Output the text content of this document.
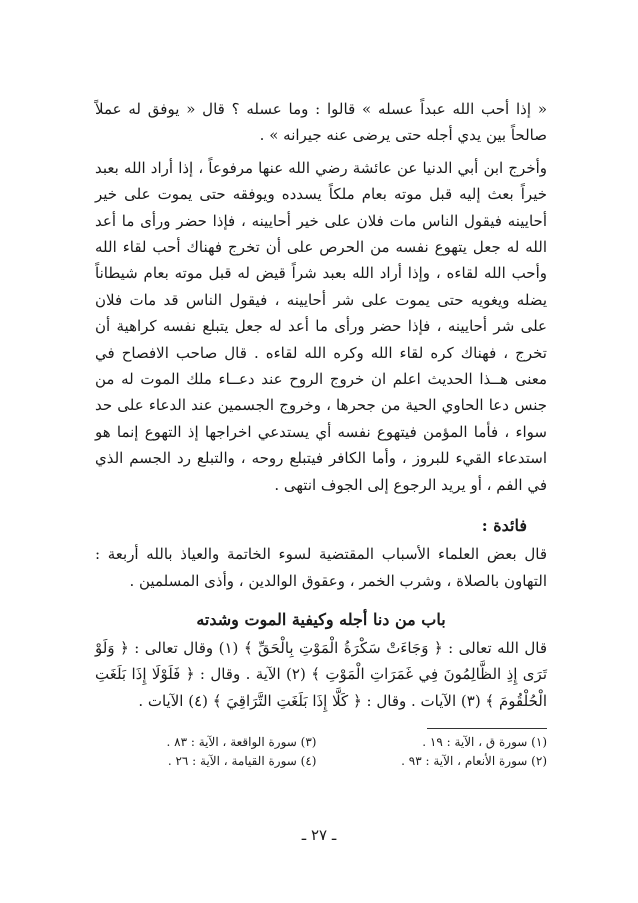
« إذا أحب الله عبداً عسله » قالوا : وما عسله ؟ قال « يوفق له عملاً صالحاً بين يدي أجله حتى يرضى عنه جيرانه » .

وأخرج ابن أبي الدنيا عن عائشة رضي الله عنها مرفوعاً ، إذا أراد الله بعبد خيراً بعث إليه قبل موته بعام ملكاً يسدده ويوفقه حتى يموت على خير أحايينه فيقول الناس مات فلان على خير أحايينه ، فإذا حضر ورأى ما أعد الله له جعل يتهوع نفسه من الحرص على أن تخرج فهناك أحب لقاء الله وأحب الله لقاءه ، وإذا أراد الله بعبد شراً قيض له قبل موته بعام شيطاناً يضله ويغويه حتى يموت على شر أحايينه ، فيقول الناس قد مات فلان على شر أحايينه ، فإذا حضر ورأى ما أعد له جعل يتبلع نفسه كراهية أن تخرج ، فهناك كره لقاء الله وكره الله لقاءه . قال صاحب الافصاح في معنى هــذا الحديث اعلم ان خروج الروح عند دعــاء ملك الموت له من جنس دعا الحاوي الحية من جحرها ، وخروج الجسمين عند الدعاء على حد سواء ، فأما المؤمن فيتهوع نفسه أي يستدعي اخراجها إذ التهوع إنما هو استدعاء القيء للبروز ، وأما الكافر فيتبلع روحه ، والتبلع رد الجسم الذي في الفم ، أو يريد الرجوع إلى الجوف انتهى .

فائدة :

قال بعض العلماء الأسباب المقتضية لسوء الخاتمة والعياذ بالله أربعة : التهاون بالصلاة ، وشرب الخمر ، وعقوق الوالدين ، وأذى المسلمين .

باب من دنا أجله وكيفية الموت وشدته

قال الله تعالى : ﴿ وَجَاءَتْ سَكْرَةُ الْمَوْتِ بِالْحَقِّ ﴾ (١) وقال تعالى : ﴿ وَلَوْ تَرَى إِذِ الظَّالِمُونَ فِي غَمَرَاتِ الْمَوْتِ ﴾ (٢) الآية . وقال : ﴿ فَلَوْلَا إِذَا بَلَغَتِ الْحُلْقُومَ ﴾ (٣) الآيات . وقال : ﴿ كَلَّا إِذَا بَلَغَتِ التَّرَاقِيَ ﴾ (٤) الآيات .

(١) سورة ق ، الآية : ١٩ .

(٢) سورة الأنعام ، الآية : ٩٣ .

(٣) سورة الواقعة ، الآية : ٨٣ .

(٤) سورة القيامة ، الآية : ٢٦ .

ـ ٢٧ ـ
